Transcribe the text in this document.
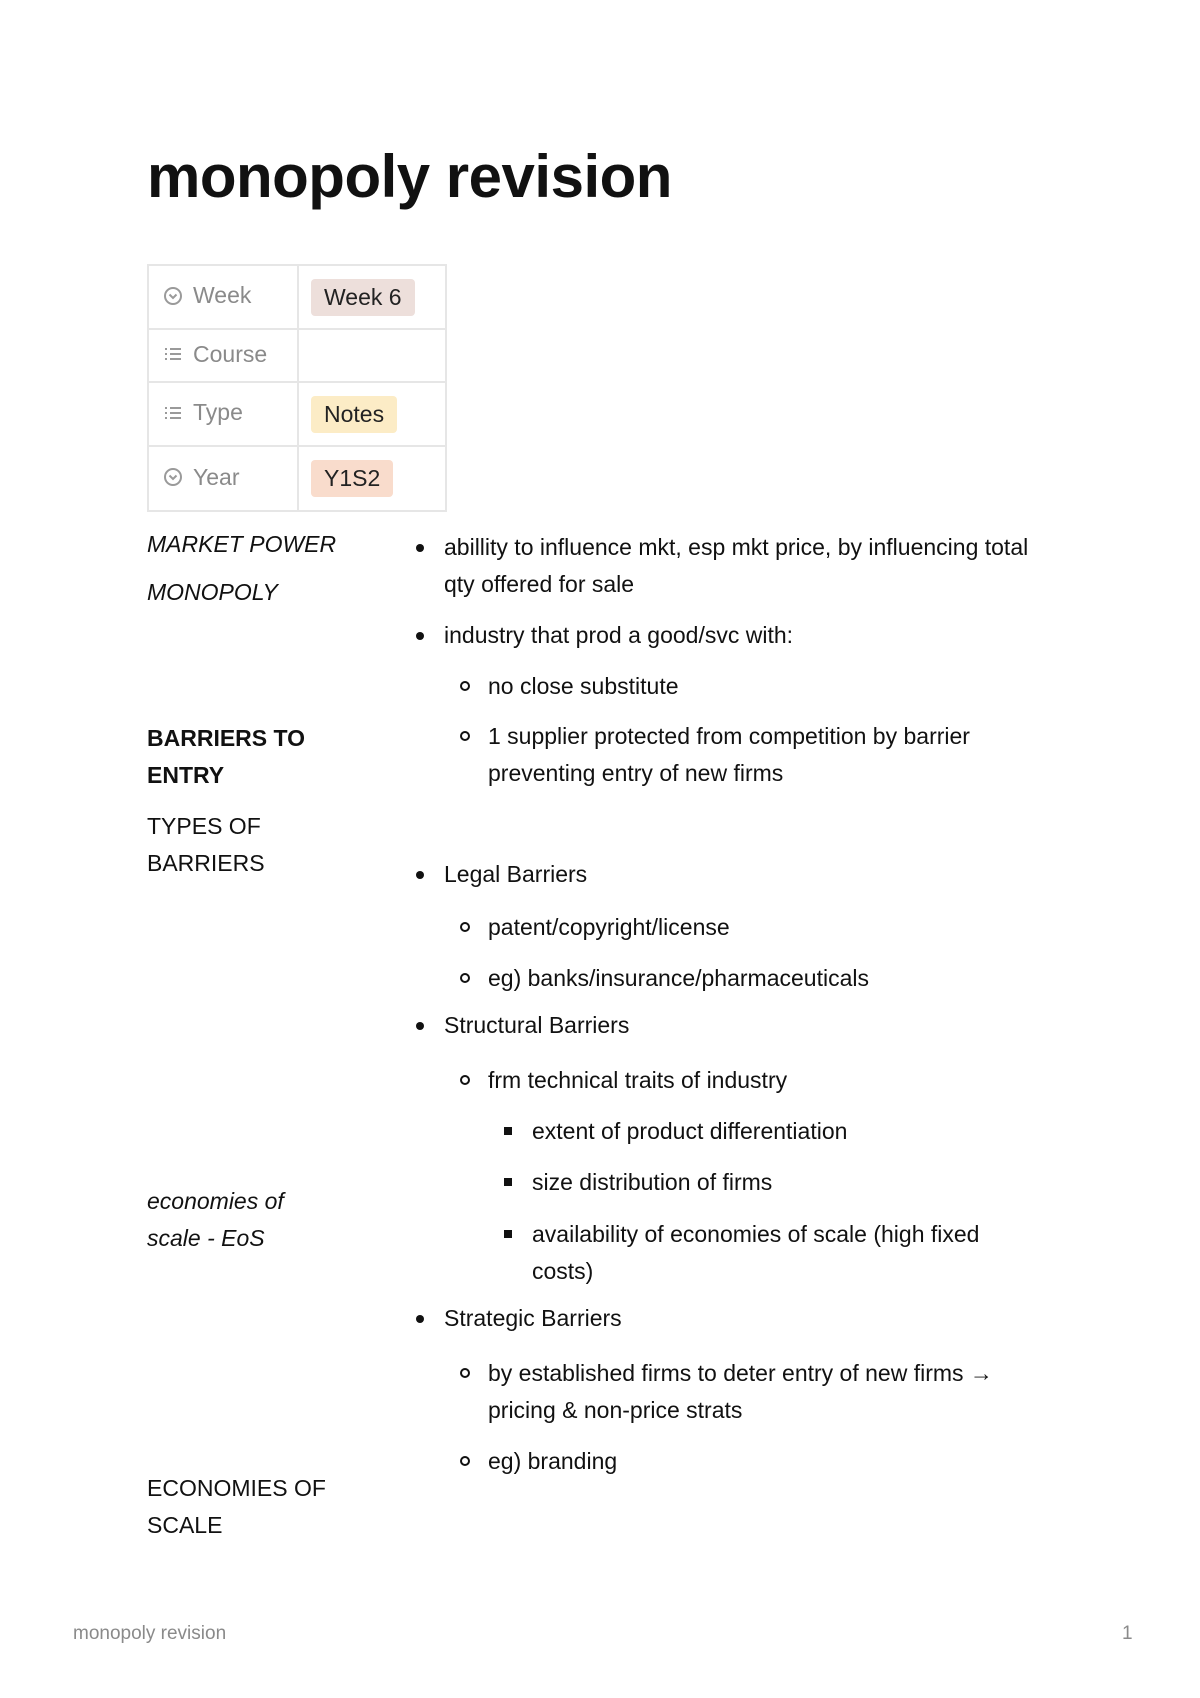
monopoly revision
Week	Week 6

Course	

Type	Notes

Year	Y1S2
MARKET POWER
MONOPOLY
BARRIERS TO ENTRY
TYPES OF BARRIERS
economies of scale - EoS
ECONOMIES OF SCALE
abillity to influence mkt, esp mkt price, by influencing total qty offered for sale
industry that prod a good/svc with:
no close substitute
1 supplier protected from competition by barrier preventing entry of new firms
Legal Barriers
patent/copyright/license
eg) banks/insurance/pharmaceuticals
Structural Barriers
frm technical traits of industry
extent of product differentiation
size distribution of firms
availability of economies of scale (high fixed costs)
Strategic Barriers
by established firms to deter entry of new firms → pricing & non-price strats
eg) branding
monopoly revision	1
